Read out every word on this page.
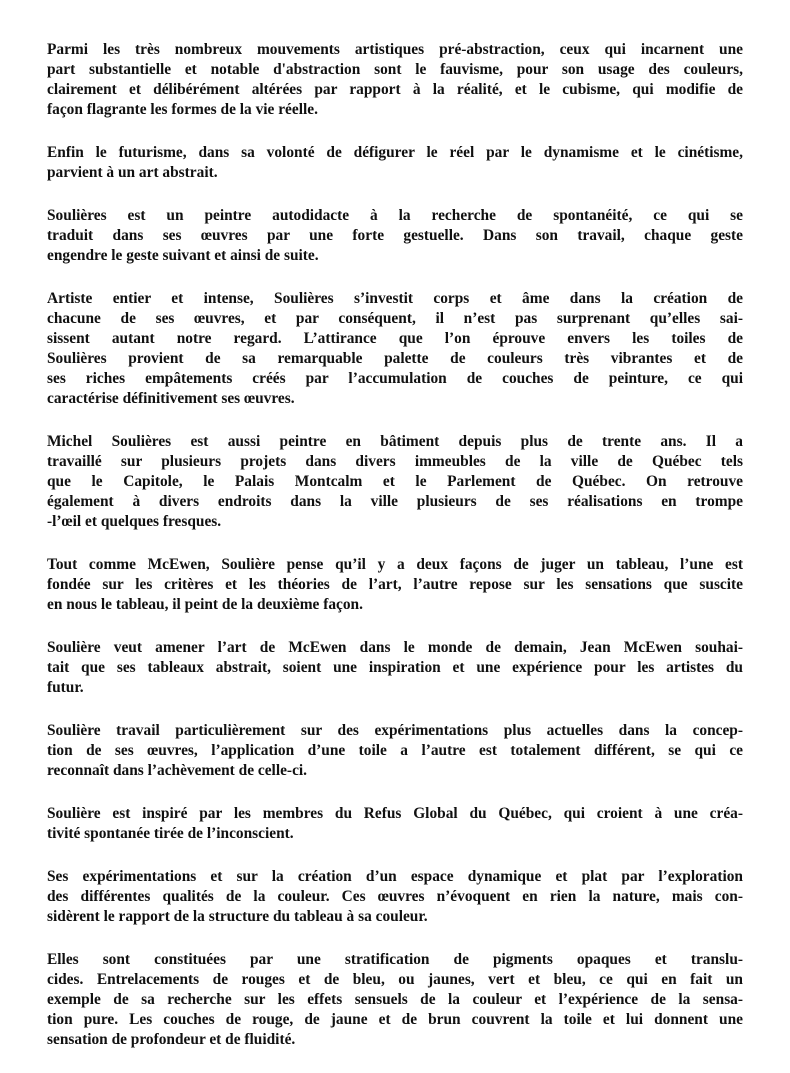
Parmi les très nombreux mouvements artistiques pré-abstraction, ceux qui incarnent une
part substantielle et notable d'abstraction sont le fauvisme, pour son usage des couleurs,
clairement et délibérément altérées par rapport à la réalité, et le cubisme, qui modifie de
façon flagrante les formes de la vie réelle.

Enfin le futurisme, dans sa volonté de défigurer le réel par le dynamisme et le cinétisme,
parvient à un art abstrait.

Soulières est un peintre autodidacte à la recherche de spontanéité, ce qui se
traduit dans ses œuvres par une forte gestuelle. Dans son travail, chaque geste
engendre le geste suivant et ainsi de suite.

Artiste entier et intense, Soulières s’investit corps et âme dans la création de
chacune de ses œuvres, et par conséquent, il n’est pas surprenant qu’elles sai-
sissent autant notre regard. L’attirance que l’on éprouve envers les toiles de
Soulières provient de sa remarquable palette de couleurs très vibrantes et de
ses riches empâtements créés par l’accumulation de couches de peinture, ce qui
caractérise définitivement ses œuvres.

Michel Soulières est aussi peintre en bâtiment depuis plus de trente ans. Il a
travaillé sur plusieurs projets dans divers immeubles de la ville de Québec tels
que le Capitole, le Palais Montcalm et le Parlement de Québec. On retrouve
également à divers endroits dans la ville plusieurs de ses réalisations en trompe
-l’œil et quelques fresques.

Tout comme McEwen, Soulière pense qu’il y a deux façons de juger un tableau, l’une est
fondée sur les critères et les théories de l’art, l’autre repose sur les sensations que suscite
en nous le tableau, il peint de la deuxième façon.

Soulière veut amener l’art de McEwen dans le monde de demain, Jean McEwen souhai-
tait que ses tableaux abstrait, soient une inspiration et une expérience pour les artistes du
futur.

Soulière travail particulièrement sur des expérimentations plus actuelles dans la concep-
tion de ses œuvres, l’application d’une toile a l’autre est totalement différent, se qui ce
reconnaît dans l’achèvement de celle-ci.

Soulière est inspiré par les membres du Refus Global du Québec, qui croient à une créa-
tivité spontanée tirée de l’inconscient.

Ses expérimentations et sur la création d’un espace dynamique et plat par l’exploration
des différentes qualités de la couleur. Ces œuvres n’évoquent en rien la nature, mais con-
sidèrent le rapport de la structure du tableau à sa couleur.

Elles sont constituées par une stratification de pigments opaques et translu-
cides. Entrelacements de rouges et de bleu, ou jaunes, vert et bleu, ce qui en fait un
exemple de sa recherche sur les effets sensuels de la couleur et l’expérience de la sensa-
tion pure. Les couches de rouge, de jaune et de brun couvrent la toile et lui donnent une
sensation de profondeur et de fluidité.
